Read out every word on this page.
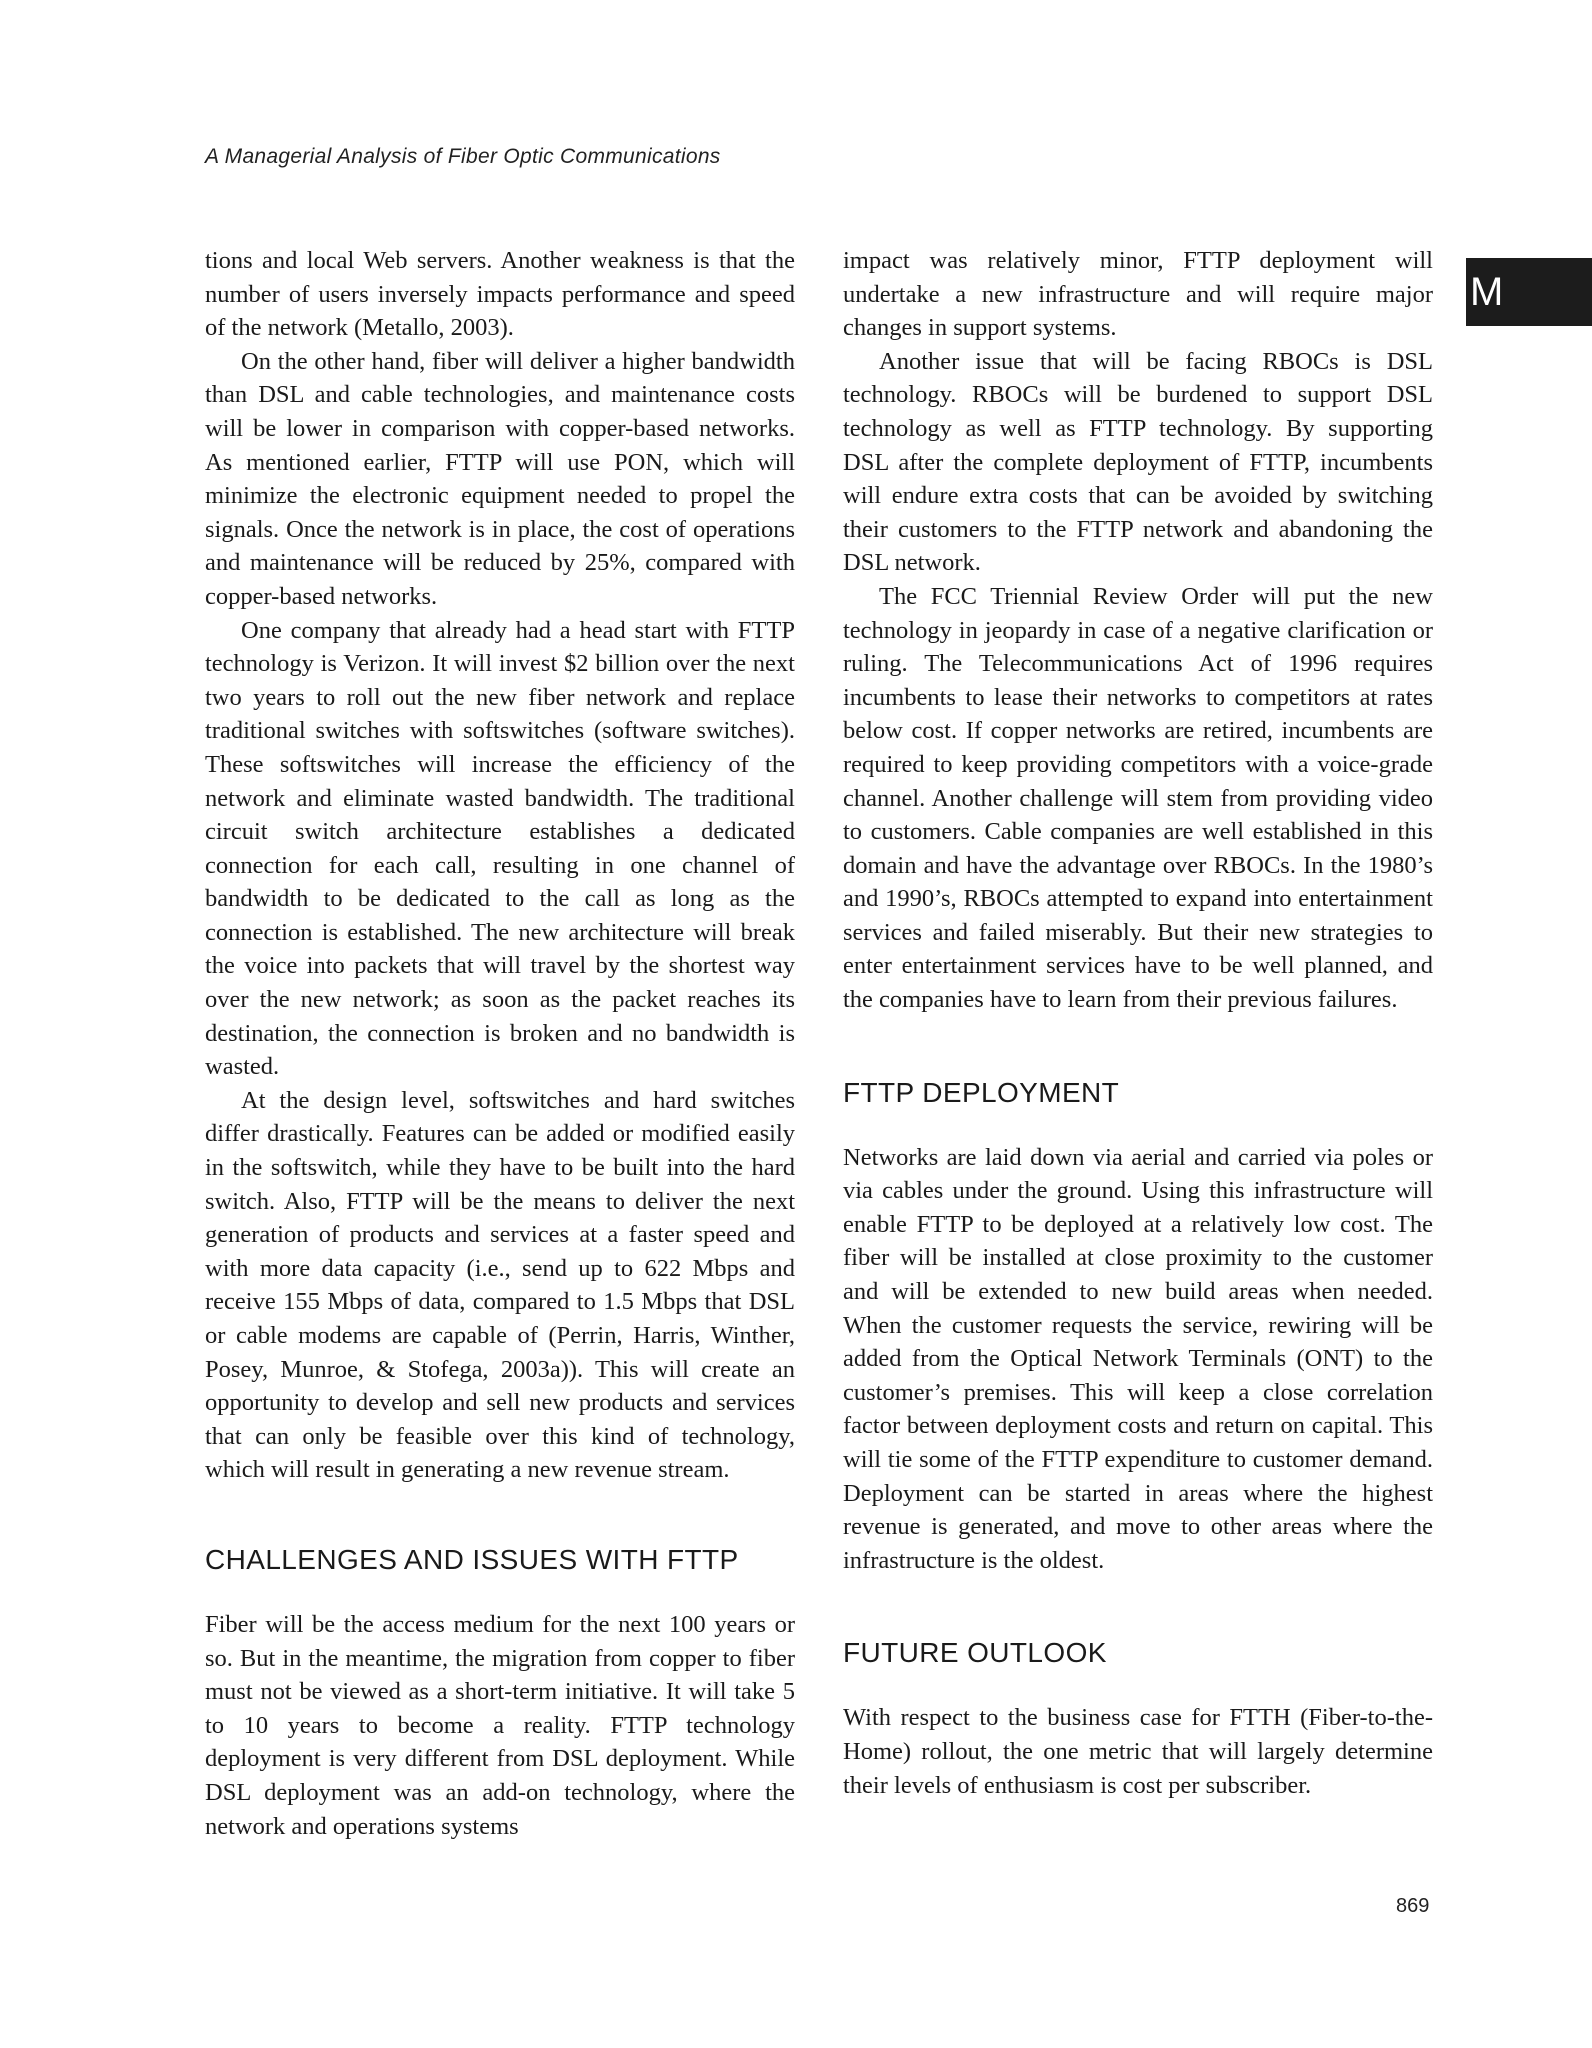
A Managerial Analysis of Fiber Optic Communications
M

tions and local Web servers. Another weakness is that the number of users inversely impacts performance and speed of the network (Metallo, 2003).

On the other hand, fiber will deliver a higher bandwidth than DSL and cable technologies, and maintenance costs will be lower in comparison with copper-based networks. As mentioned earlier, FTTP will use PON, which will minimize the electronic equipment needed to propel the signals. Once the network is in place, the cost of operations and maintenance will be reduced by 25%, compared with copper-based networks.

One company that already had a head start with FTTP technology is Verizon. It will invest $2 billion over the next two years to roll out the new fiber network and replace traditional switches with softswitches (software switches). These softswitches will increase the efficiency of the network and eliminate wasted bandwidth. The traditional circuit switch architecture establishes a dedicated connection for each call, resulting in one channel of bandwidth to be dedicated to the call as long as the connection is established. The new architecture will break the voice into packets that will travel by the shortest way over the new network; as soon as the packet reaches its destination, the connection is broken and no bandwidth is wasted.

At the design level, softswitches and hard switches differ drastically. Features can be added or modified easily in the softswitch, while they have to be built into the hard switch. Also, FTTP will be the means to deliver the next generation of products and services at a faster speed and with more data capacity (i.e., send up to 622 Mbps and receive 155 Mbps of data, compared to 1.5 Mbps that DSL or cable modems are capable of (Perrin, Harris, Winther, Posey, Munroe, & Stofega, 2003a)). This will create an opportunity to develop and sell new products and services that can only be feasible over this kind of technology, which will result in generating a new revenue stream.

CHALLENGES AND ISSUES WITH FTTP

Fiber will be the access medium for the next 100 years or so. But in the meantime, the migration from copper to fiber must not be viewed as a short-term initiative. It will take 5 to 10 years to become a reality. FTTP technology deployment is very different from DSL deployment. While DSL deployment was an add-on technology, where the network and operations systems

impact was relatively minor, FTTP deployment will undertake a new infrastructure and will require major changes in support systems.

Another issue that will be facing RBOCs is DSL technology. RBOCs will be burdened to support DSL technology as well as FTTP technology. By supporting DSL after the complete deployment of FTTP, incumbents will endure extra costs that can be avoided by switching their customers to the FTTP network and abandoning the DSL network.

The FCC Triennial Review Order will put the new technology in jeopardy in case of a negative clarification or ruling. The Telecommunications Act of 1996 requires incumbents to lease their networks to competitors at rates below cost. If copper networks are retired, incumbents are required to keep providing competitors with a voice-grade channel. Another challenge will stem from providing video to customers. Cable companies are well established in this domain and have the advantage over RBOCs. In the 1980’s and 1990’s, RBOCs attempted to expand into entertainment services and failed miserably. But their new strategies to enter entertainment services have to be well planned, and the companies have to learn from their previous failures.

FTTP DEPLOYMENT

Networks are laid down via aerial and carried via poles or via cables under the ground. Using this infrastructure will enable FTTP to be deployed at a relatively low cost. The fiber will be installed at close proximity to the customer and will be extended to new build areas when needed. When the customer requests the service, rewiring will be added from the Optical Network Terminals (ONT) to the customer’s premises. This will keep a close correlation factor between deployment costs and return on capital. This will tie some of the FTTP expenditure to customer demand. Deployment can be started in areas where the highest revenue is generated, and move to other areas where the infrastructure is the oldest.

FUTURE OUTLOOK

With respect to the business case for FTTH (Fiber-to-the-Home) rollout, the one metric that will largely determine their levels of enthusiasm is cost per subscriber.

869
